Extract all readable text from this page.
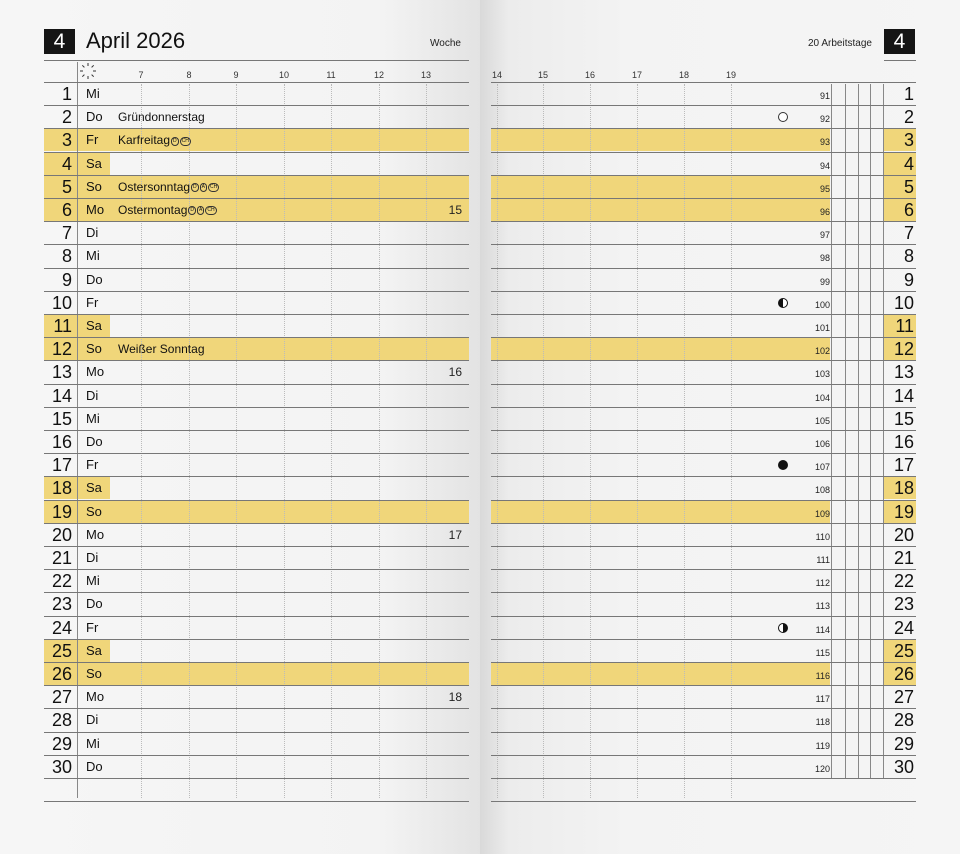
4 April 2026	Woche	20 Arbeitstage	4
7	8	9	10	11	12	13	14	15	16	17	18	19
1 Mi	91	1
2 Do Gründonnerstag	92	2
3 Fr Karfreitag D CH	93	3
4 Sa	94	4
5 So Ostersonntag D A CH	95	5
6 Mo Ostermontag D A CH	15	96	6
7 Di	97	7
8 Mi	98	8
9 Do	99	9
10 Fr	100	10
11 Sa	101	11
12 So Weißer Sonntag	102	12
13 Mo	16	103	13
14 Di	104	14
15 Mi	105	15
16 Do	106	16
17 Fr	107	17
18 Sa	108	18
19 So	109	19
20 Mo	17	110	20
21 Di	111	21
22 Mi	112	22
23 Do	113	23
24 Fr	114	24
25 Sa	115	25
26 So	116	26
27 Mo	18	117	27
28 Di	118	28
29 Mi	119	29
30 Do	120	30
